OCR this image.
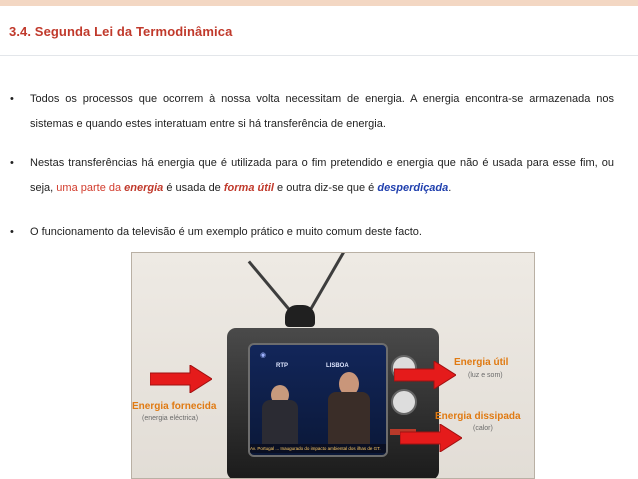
3.4. Segunda Lei da Termodinâmica
• Todos os processos que ocorrem à nossa volta necessitam de energia. A energia encontra-se armazenada nos sistemas e quando estes interatuam entre si há transferência de energia.
• Nestas transferências há energia que é utilizada para o fim pretendido e energia que não é usada para esse fim, ou seja, uma parte da energia é usada de forma útil e outra diz-se que é desperdiçada.
• O funcionamento da televisão é um exemplo prático e muito comum deste facto.
◉
RTP	LISBOA
Av. Portugal ... Inaugurado do impacto ambiental dos ilhas de GT.
Energia fornecida
(energia eléctrica)
Energia útil
(luz e som)
Energia dissipada
(calor)
